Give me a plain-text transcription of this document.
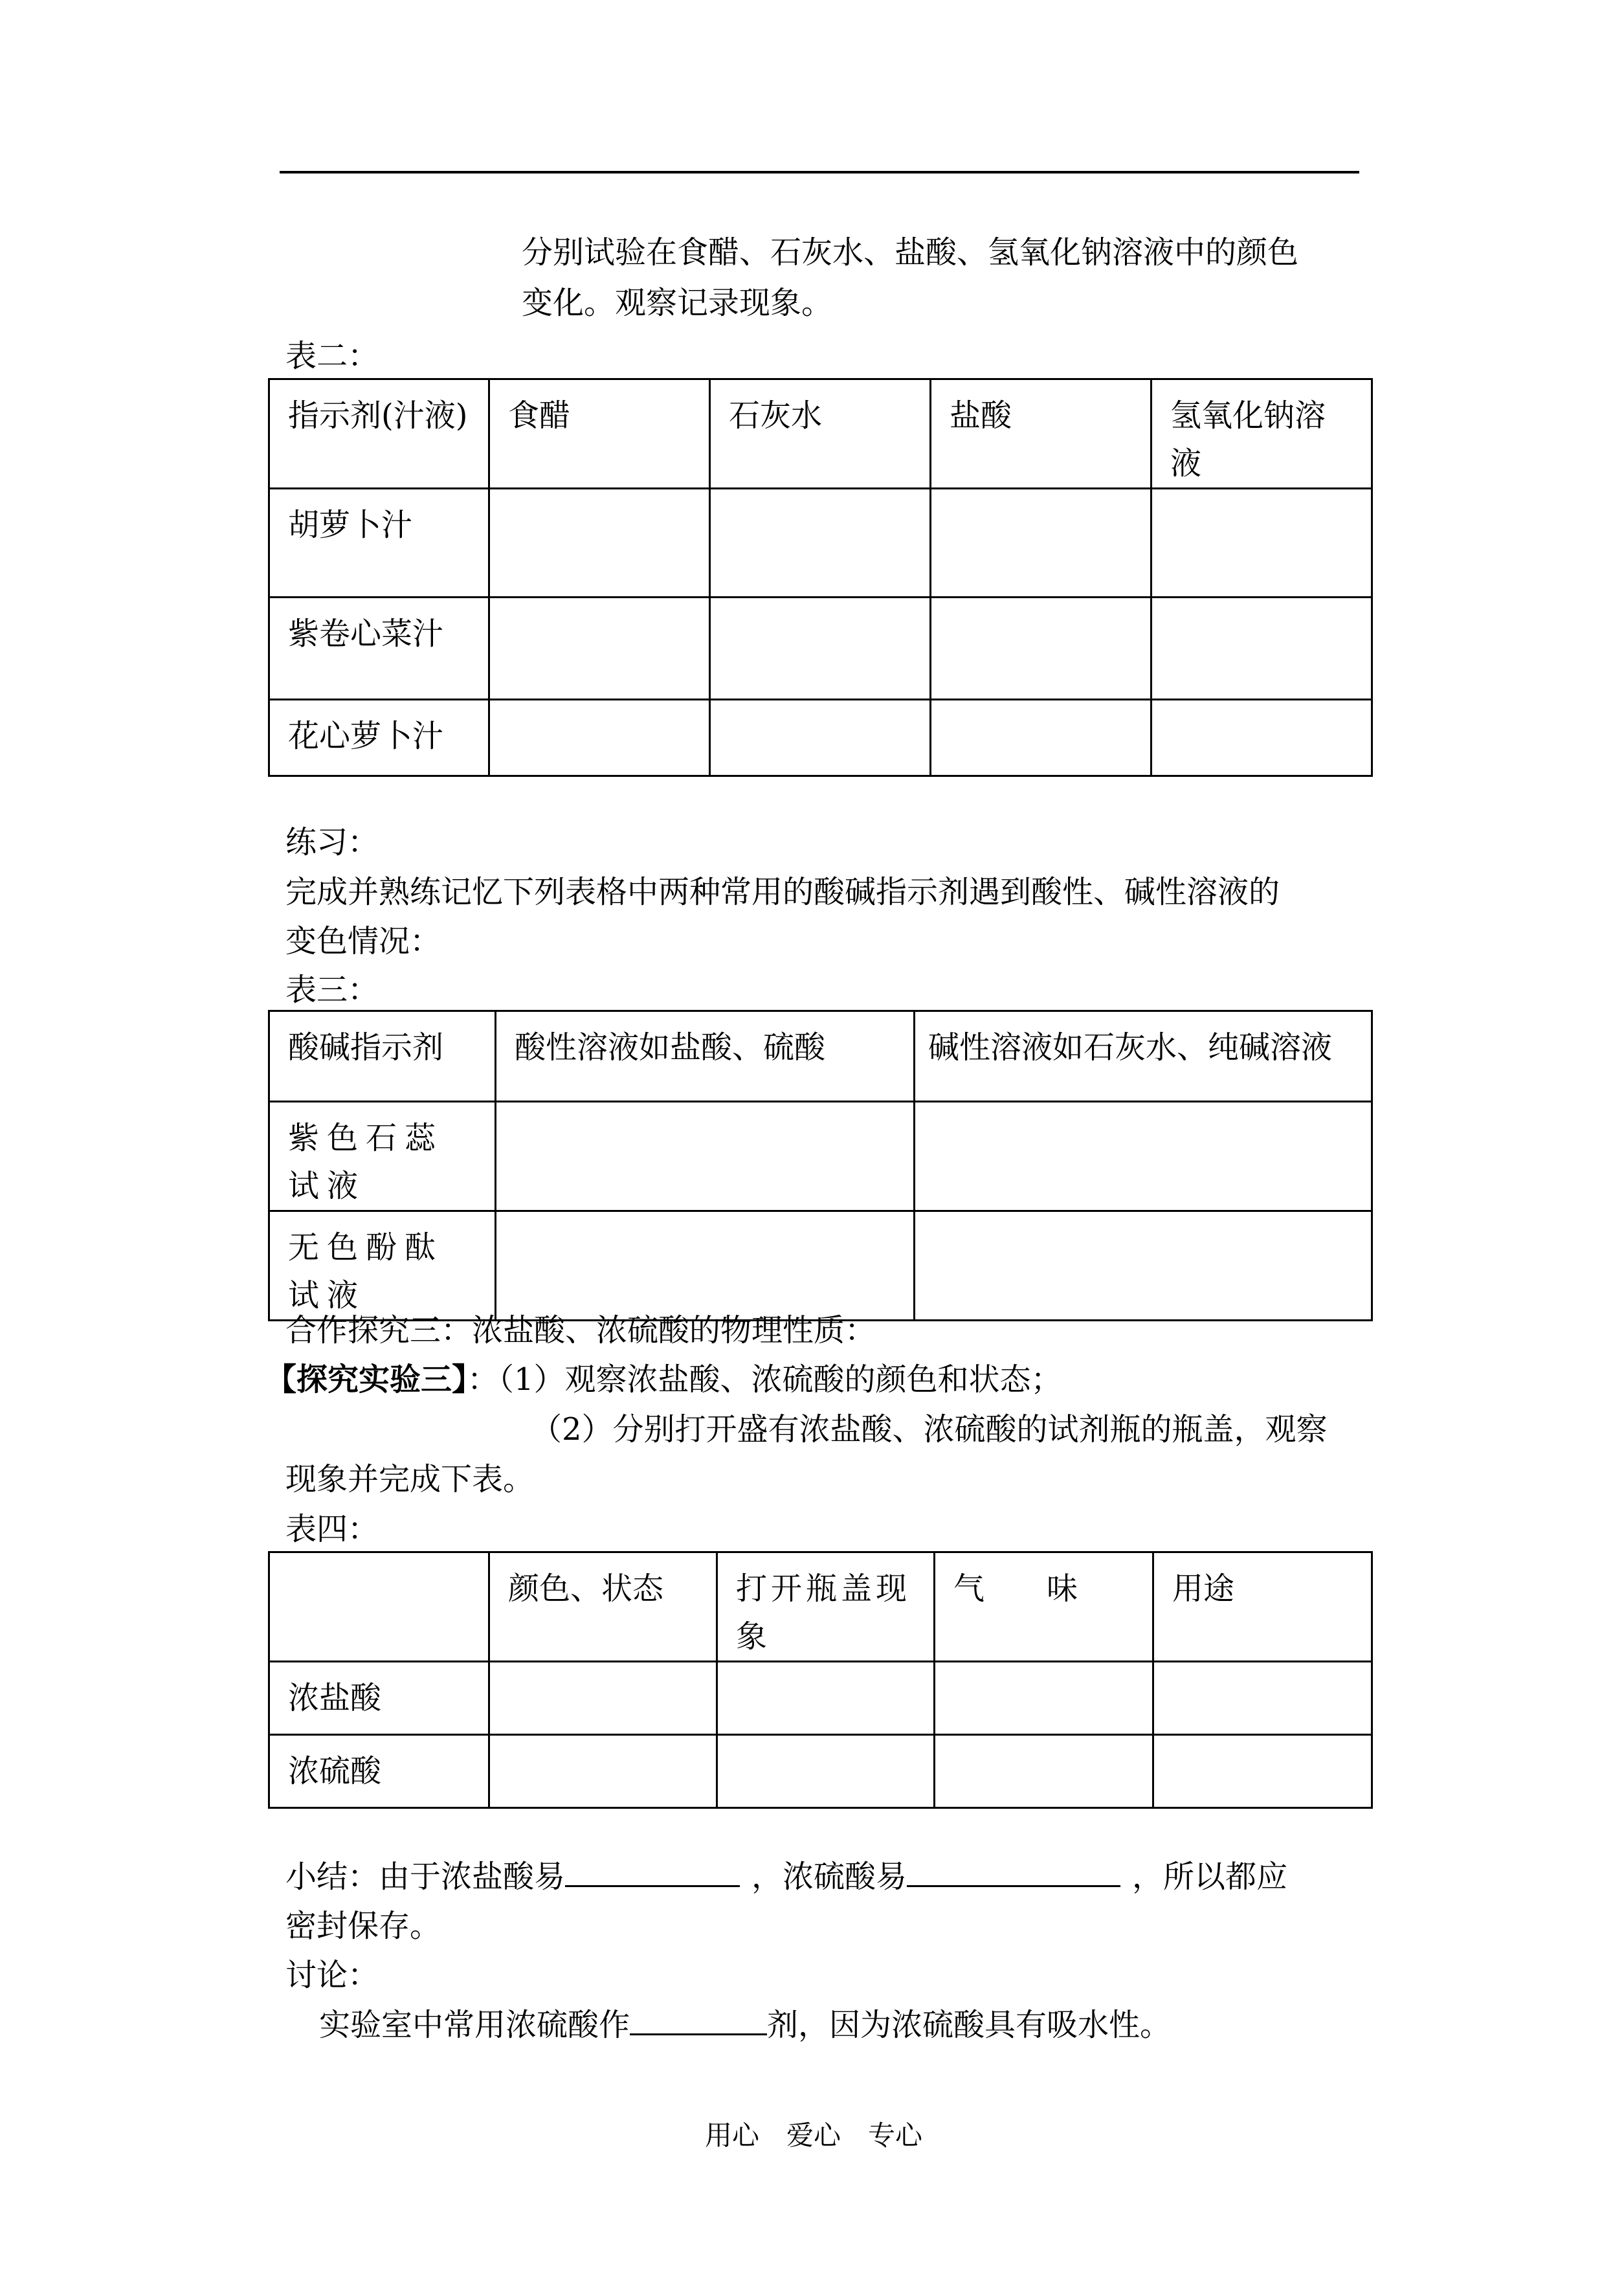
分别试验在食醋、石灰水、盐酸、氢氧化钠溶液中的颜色
变化。观察记录现象。
表二：
指示剂(汁液)	食醋	石灰水	盐酸	氢氧化钠溶液
胡萝卜汁				
紫卷心菜汁				
花心萝卜汁				
练习：
完成并熟练记忆下列表格中两种常用的酸碱指示剂遇到酸性、碱性溶液的
变色情况：
表三：
酸碱指示剂	酸性溶液如盐酸、硫酸	碱性溶液如石灰水、纯碱溶液
紫色石蕊试液		
无色酚酞试液		
合作探究三：浓盐酸、浓硫酸的物理性质：
【探究实验三】：（1）观察浓盐酸、浓硫酸的颜色和状态；
（2）分别打开盛有浓盐酸、浓硫酸的试剂瓶的瓶盖，观察
现象并完成下表。
表四：
	颜色、状态	打开瓶盖现象	气　　味	用途
浓盐酸				
浓硫酸				
小结：由于浓盐酸易	，浓硫酸易	，所以都应
密封保存。
讨论：
实验室中常用浓硫酸作	剂，因为浓硫酸具有吸水性。
用心　爱心　专心
